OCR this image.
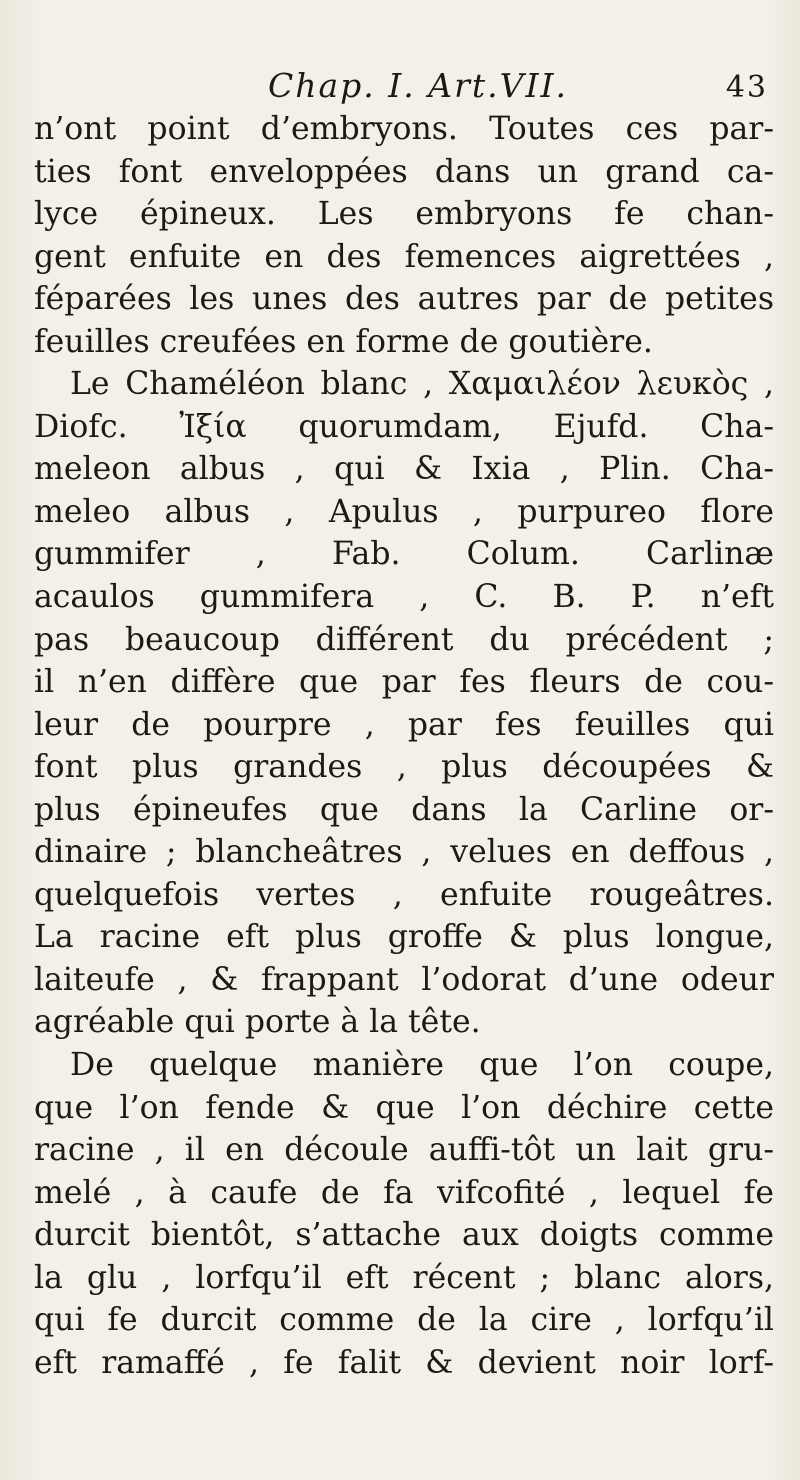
Chap. I. Art.VII.	43
n’ont point d’embryons. Toutes ces par-
ties font enveloppées dans un grand ca-
lyce épineux. Les embryons fe chan-
gent enfuite en des femences aigrettées ,
féparées les unes des autres par de petites
feuilles creufées en forme de goutière.
Le Chaméléon blanc , Χαμαιλέον λευκὸς ,
Diofc. Ἰξία quorumdam, Ejufd. Cha-
meleon albus , qui & Ixia , Plin. Cha-
meleo albus , Apulus , purpureo flore
gummifer , Fab. Colum. Carlinæ
acaulos gummifera , C. B. P. n’eft
pas beaucoup différent du précédent ;
il n’en diffère que par fes fleurs de cou-
leur de pourpre , par fes feuilles qui
font plus grandes , plus découpées &
plus épineufes que dans la Carline or-
dinaire ; blancheâtres , velues en deffous ,
quelquefois vertes , enfuite rougeâtres.
La racine eft plus groffe & plus longue,
laiteufe , & frappant l’odorat d’une odeur
agréable qui porte à la tête.
De quelque manière que l’on coupe,
que l’on fende & que l’on déchire cette
racine , il en découle auffi-tôt un lait gru-
melé , à caufe de fa vifcofité , lequel fe
durcit bientôt, s’attache aux doigts comme
la glu , lorfqu’il eft récent ; blanc alors,
qui fe durcit comme de la cire , lorfqu’il
eft ramaffé , fe falit & devient noir lorf-
